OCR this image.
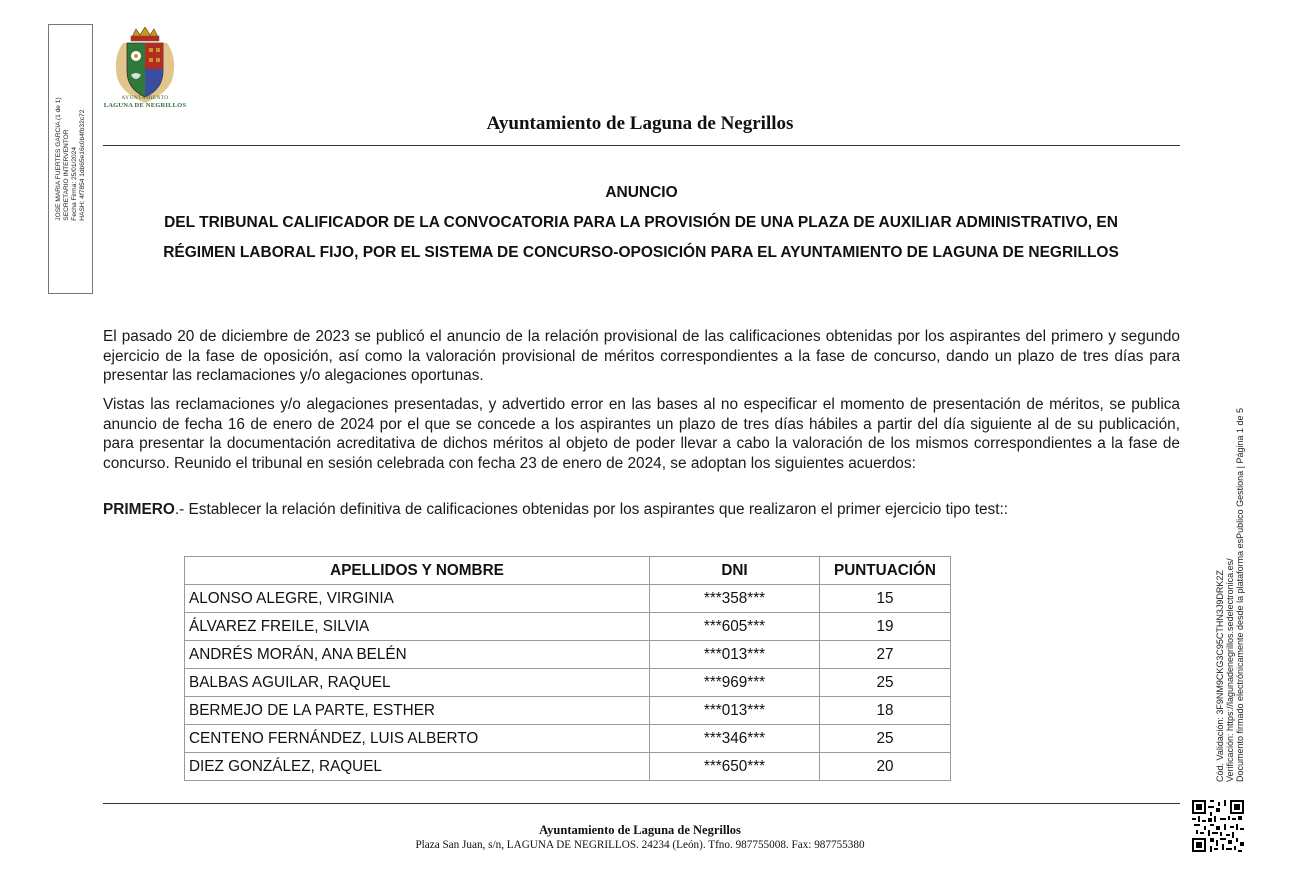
JOSE MARIA FUERTES GARCIA (1 de 1) SECRETARIO INTERVENTOR Fecha Firma: 25/01/2024 HASH: 4f7854 1db65e16c0b4fb32c72
AYUNTAMIENTO
LAGUNA DE NEGRILLOS
Ayuntamiento de Laguna de Negrillos
ANUNCIO
DEL TRIBUNAL CALIFICADOR DE LA CONVOCATORIA PARA LA PROVISIÓN DE UNA PLAZA DE AUXILIAR ADMINISTRATIVO, EN RÉGIMEN LABORAL FIJO, POR EL SISTEMA DE CONCURSO-OPOSICIÓN PARA EL AYUNTAMIENTO DE LAGUNA DE NEGRILLOS
El pasado 20 de diciembre de 2023 se publicó el anuncio de la relación provisional de las calificaciones obtenidas por los aspirantes del primero y segundo ejercicio de la fase de oposición, así como la valoración provisional de méritos correspondientes a la fase de concurso, dando un plazo de tres días para presentar las reclamaciones y/o alegaciones oportunas.
Vistas las reclamaciones y/o alegaciones presentadas, y advertido error en las bases al no especificar el momento de presentación de méritos, se publica anuncio de fecha 16 de enero de 2024 por el que se concede a los aspirantes un plazo de tres días hábiles a partir del día siguiente al de su publicación, para presentar la documentación acreditativa de dichos méritos al objeto de poder llevar a cabo la valoración de los mismos correspondientes a la fase de concurso. Reunido el tribunal en sesión celebrada con fecha 23 de enero de 2024, se adoptan los siguientes acuerdos:
PRIMERO.- Establecer la relación definitiva de calificaciones obtenidas por los aspirantes que realizaron el primer ejercicio tipo test::
APELLIDOS Y NOMBRE	DNI	PUNTUACIÓN
ALONSO ALEGRE, VIRGINIA	***358***	15
ÁLVAREZ FREILE, SILVIA	***605***	19
ANDRÉS MORÁN, ANA BELÉN	***013***	27
BALBAS AGUILAR, RAQUEL	***969***	25
BERMEJO DE LA PARTE, ESTHER	***013***	18
CENTENO FERNÁNDEZ, LUIS ALBERTO	***346***	25
DIEZ GONZÁLEZ, RAQUEL	***650***	20
Ayuntamiento de Laguna de Negrillos
Plaza San Juan, s/n, LAGUNA DE NEGRILLOS. 24234 (León). Tfno. 987755008. Fax: 987755380
Cód. Validación: 3F9NM9CKG3C95CTHN3J9DRK2Z Verificación: https://lagunadenegrillos.sedelectronica.es/ Documento firmado electrónicamente desde la plataforma esPublico Gestiona | Página 1 de 5
